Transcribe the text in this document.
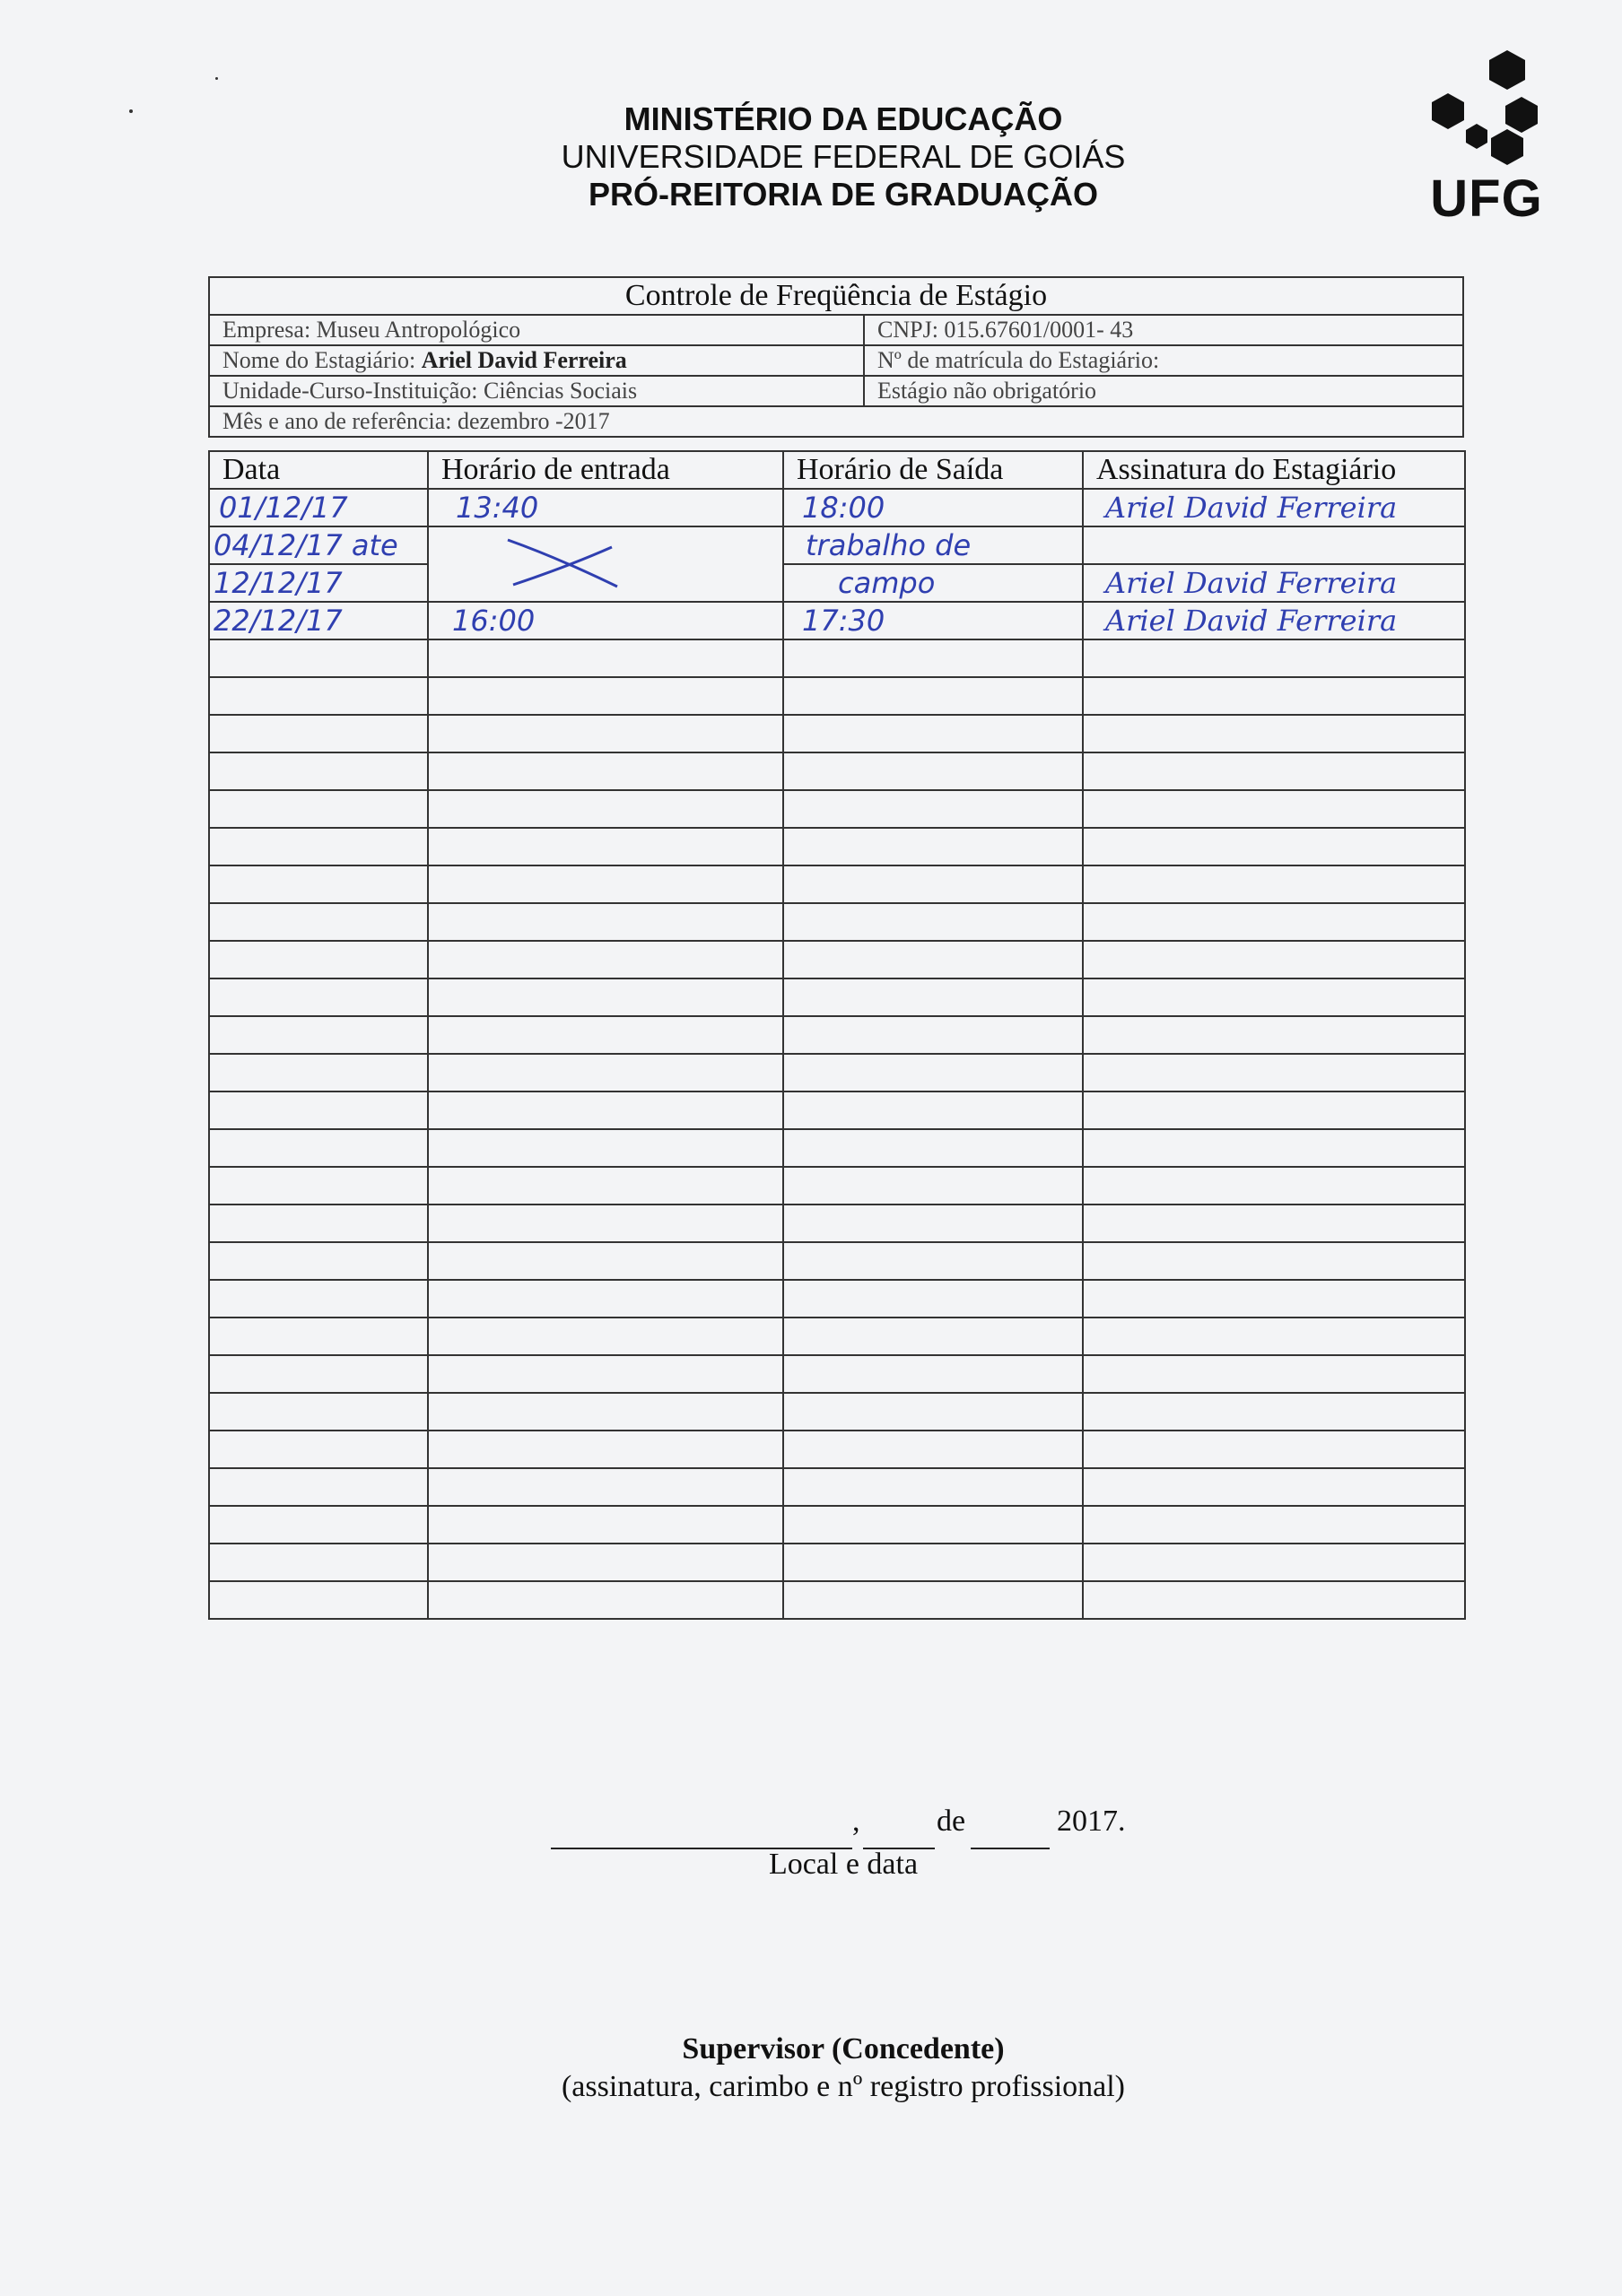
MINISTÉRIO DA EDUCAÇÃO
UNIVERSIDADE FEDERAL DE GOIÁS
PRÓ-REITORIA DE GRADUAÇÃO	UFG
Controle de Freqüência de Estágio	
Empresa: Museu Antropológico	CNPJ: 015.67601/0001- 43
Nome do Estagiário: Ariel David Ferreira	Nº de matrícula do Estagiário:
Unidade-Curso-Instituição: Ciências Sociais	Estágio não obrigatório
Mês e ano de referência: dezembro -2017	
Data	Horário de entrada	Horário de Saída	Assinatura do Estagiário

01/12/17	13:40	18:00	Ariel David Ferreira

04/12/17 ate		trabalho de	

12/12/17		campo	Ariel David Ferreira

22/12/17	16:00	17:30	Ariel David Ferreira

,	de	2017.
Local e data
Supervisor (Concedente)
(assinatura, carimbo e nº registro profissional)
